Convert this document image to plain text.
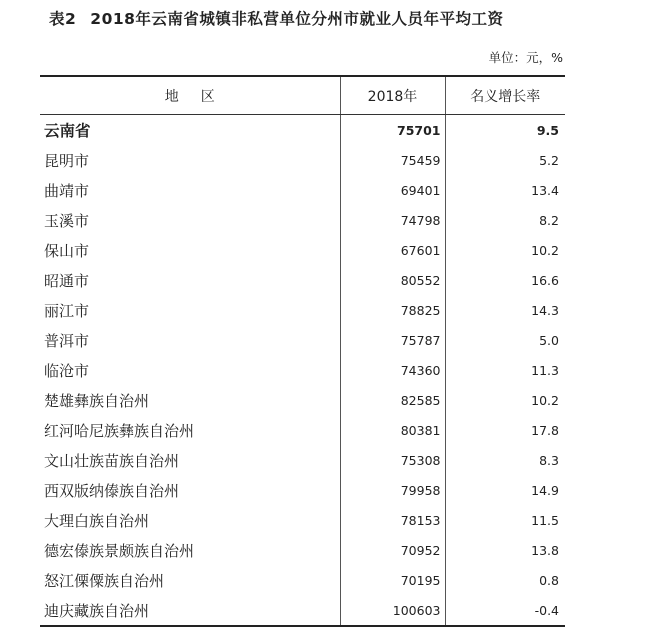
表2 2018年云南省城镇非私营单位分州市就业人员年平均工资
单位：元，%
地区	2018年	名义增长率
云南省	75701	9.5
昆明市	75459	5.2
曲靖市	69401	13.4
玉溪市	74798	8.2
保山市	67601	10.2
昭通市	80552	16.6
丽江市	78825	14.3
普洱市	75787	5.0
临沧市	74360	11.3
楚雄彝族自治州	82585	10.2
红河哈尼族彝族自治州	80381	17.8
文山壮族苗族自治州	75308	8.3
西双版纳傣族自治州	79958	14.9
大理白族自治州	78153	11.5
德宏傣族景颇族自治州	70952	13.8
怒江傈僳族自治州	70195	0.8
迪庆藏族自治州	100603	-0.4
